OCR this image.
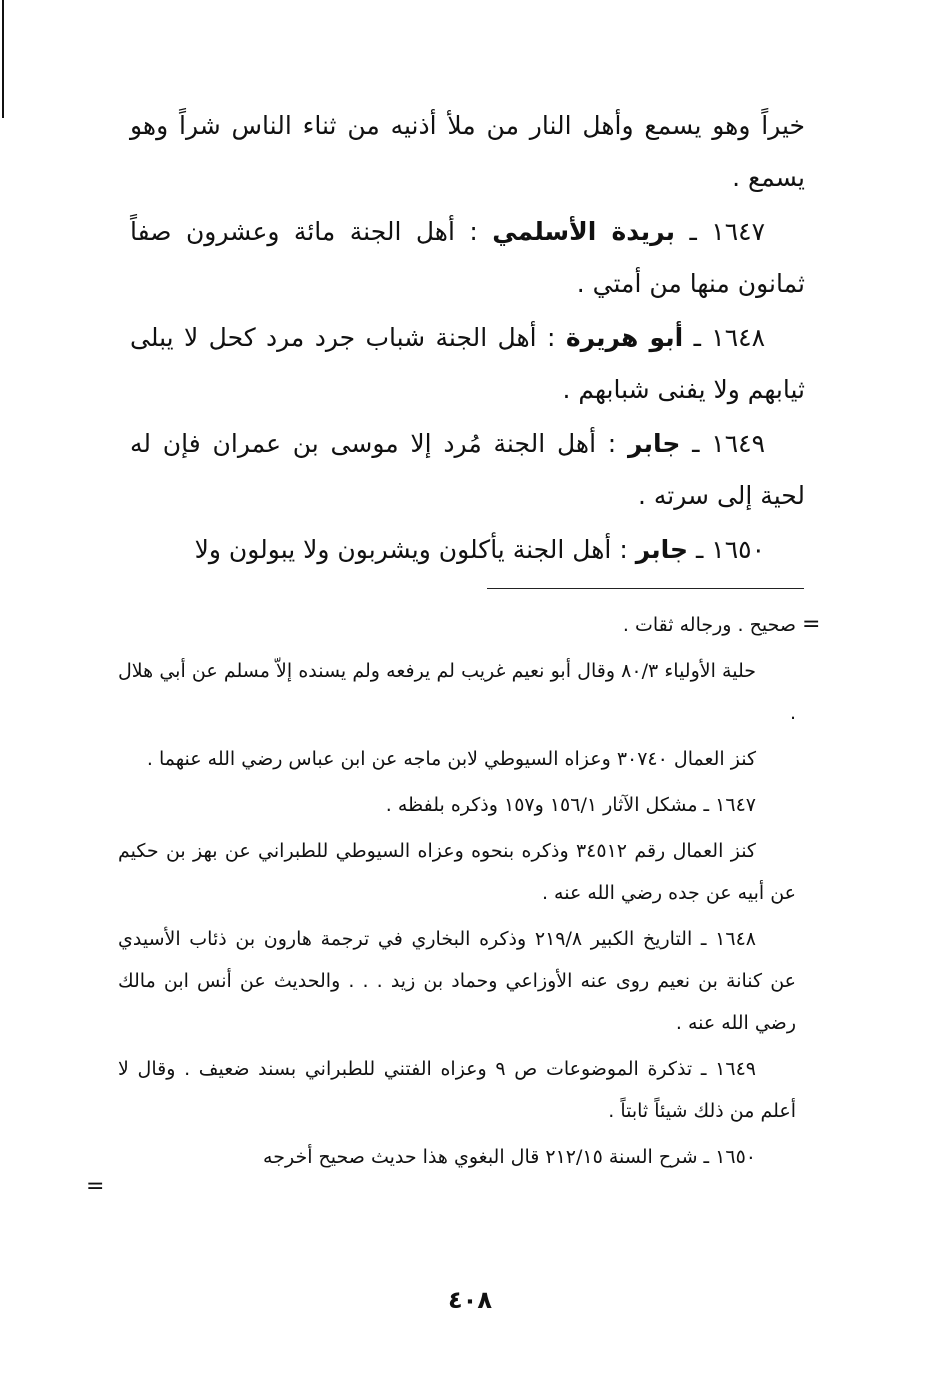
خيراً وهو يسمع وأهل النار من ملأ أذنيه من ثناء الناس شراً وهو يسمع .

١٦٤٧ ـ بريدة الأسلمي : أهل الجنة مائة وعشرون صفاً ثمانون منها من أمتي .

١٦٤٨ ـ أبو هريرة : أهل الجنة شباب جرد مرد كحل لا يبلى ثيابهم ولا يفنى شبابهم .

١٦٤٩ ـ جابر : أهل الجنة مُرد إلا موسى بن عمران فإن له لحية إلى سرته .

١٦٥٠ ـ جابر : أهل الجنة يأكلون ويشربون ولا يبولون ولا

=

صحيح . ورجاله ثقات .

حلية الأولياء ٨٠/٣ وقال أبو نعيم غريب لم يرفعه ولم يسنده إلاّ مسلم عن أبي هلال .

كنز العمال ٣٠٧٤٠ وعزاه السيوطي لابن ماجه عن ابن عباس رضي الله عنهما .

١٦٤٧ ـ مشكل الآثار ١٥٦/١ و١٥٧ وذكره بلفظه .

كنز العمال رقم ٣٤٥١٢ وذكره بنحوه وعزاه السيوطي للطبراني عن بهز بن حكيم عن أبيه عن جده رضي الله عنه .

١٦٤٨ ـ التاريخ الكبير ٢١٩/٨ وذكره البخاري في ترجمة هارون بن ذئاب الأسيدي عن كنانة بن نعيم روى عنه الأوزاعي وحماد بن زيد . . . والحديث عن أنس ابن مالك رضي الله عنه .

١٦٤٩ ـ تذكرة الموضوعات ص ٩ وعزاه الفتني للطبراني بسند ضعيف . وقال لا أعلم من ذلك شيئاً ثابتاً .

١٦٥٠ ـ شرح السنة ٢١٢/١٥ قال البغوي هذا حديث صحيح أخرجه

=
٤٠٨
